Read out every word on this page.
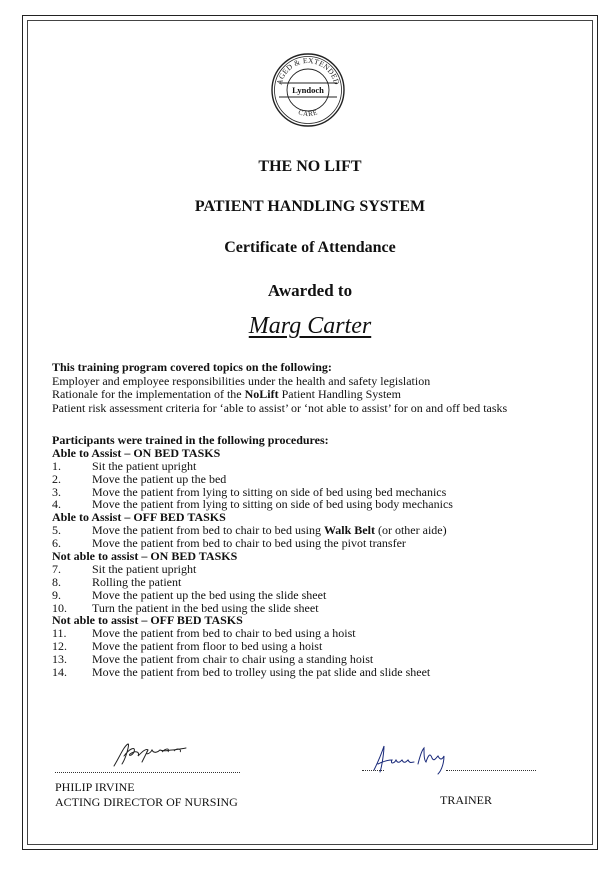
AGED & EXTENDED
Lyndoch
CARE
THE NO LIFT
PATIENT HANDLING SYSTEM
Certificate of Attendance
Awarded to
Marg Carter
This training program covered topics on the following:
Employer and employee responsibilities under the health and safety legislation
Rationale for the implementation of the NoLift Patient Handling System
Patient risk assessment criteria for ‘able to assist’ or ‘not able to assist’ for on and off bed tasks
Participants were trained in the following procedures:
Able to Assist – ON BED TASKS
1.	Sit the patient upright
2.	Move the patient up the bed
3.	Move the patient from lying to sitting on side of bed using bed mechanics
4.	Move the patient from lying to sitting on side of bed using body mechanics
Able to Assist – OFF BED TASKS
5.	Move the patient from bed to chair to bed using Walk Belt (or other aide)
6.	Move the patient from bed to chair to bed using the pivot transfer
Not able to assist – ON BED TASKS
7.	Sit the patient upright
8.	Rolling the patient
9.	Move the patient up the bed using the slide sheet
10.	Turn the patient in the bed using the slide sheet
Not able to assist – OFF BED TASKS
11.	Move the patient from bed to chair to bed using a hoist
12.	Move the patient from floor to bed using a hoist
13.	Move the patient from chair to chair using a standing hoist
14.	Move the patient from bed to trolley using the pat slide and slide sheet
PHILIP IRVINE
ACTING DIRECTOR OF NURSING	TRAINER
